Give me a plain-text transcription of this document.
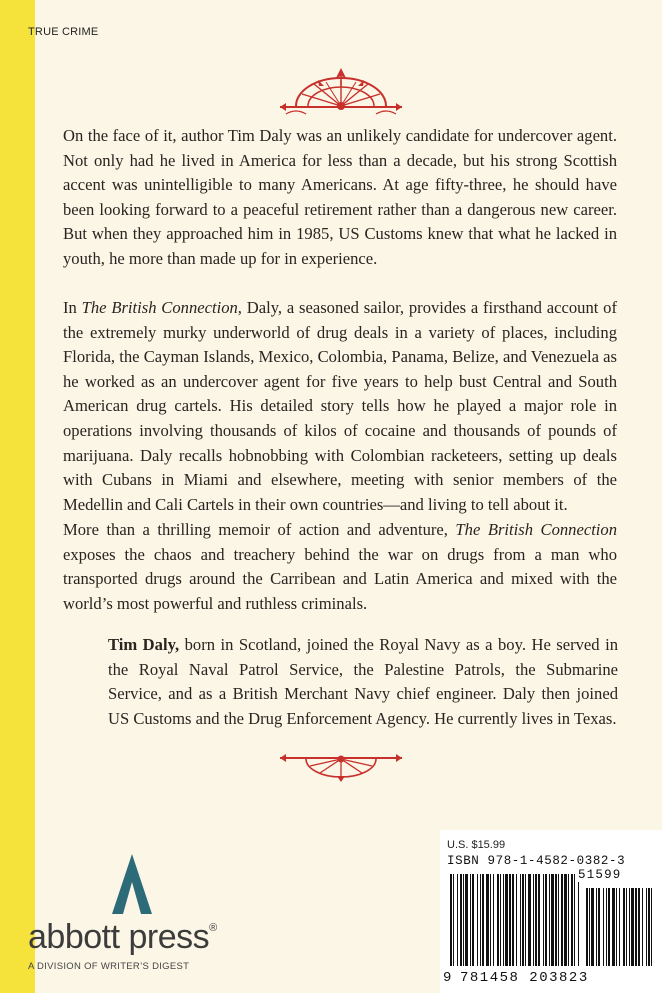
TRUE CRIME

On the face of it, author Tim Daly was an unlikely candidate for undercover agent. Not only had he lived in America for less than a decade, but his strong Scottish accent was unintelligible to many Americans. At age fifty-three, he should have been looking forward to a peaceful retirement rather than a dangerous new career. But when they approached him in 1985, US Customs knew that what he lacked in youth, he more than made up for in experience.

In The British Connection, Daly, a seasoned sailor, provides a firsthand account of the extremely murky underworld of drug deals in a variety of places, including Florida, the Cayman Islands, Mexico, Colombia, Panama, Belize, and Venezuela as he worked as an undercover agent for five years to help bust Central and South American drug cartels. His detailed story tells how he played a major role in operations involving thousands of kilos of cocaine and thousands of pounds of marijuana. Daly recalls hobnobbing with Colombian racketeers, setting up deals with Cubans in Miami and elsewhere, meeting with senior members of the Medellin and Cali Cartels in their own countries—and living to tell about it.

More than a thrilling memoir of action and adventure, The British Connection exposes the chaos and treachery behind the war on drugs from a man who transported drugs around the Carribean and Latin America and mixed with the world’s most powerful and ruthless criminals.

Tim Daly, born in Scotland, joined the Royal Navy as a boy. He served in the Royal Naval Patrol Service, the Palestine Patrols, the Submarine Service, and as a British Merchant Navy chief engineer. Daly then joined US Customs and the Drug Enforcement Agency. He currently lives in Texas.
abbott press®
A DIVISION OF WRITER’S DIGEST
U.S. $15.99
ISBN 978-1-4582-0382-3
51599
9 781458 203823
